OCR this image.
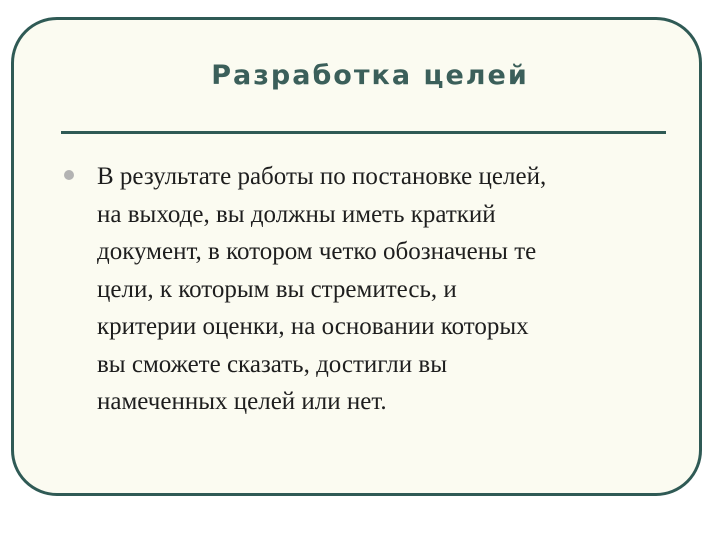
Разработка целей
В результате работы по постановке целей,
на выходе, вы должны иметь краткий
документ, в котором четко обозначены те
цели, к которым вы стремитесь, и
критерии оценки, на основании которых
вы сможете сказать, достигли вы
намеченных целей или нет.
